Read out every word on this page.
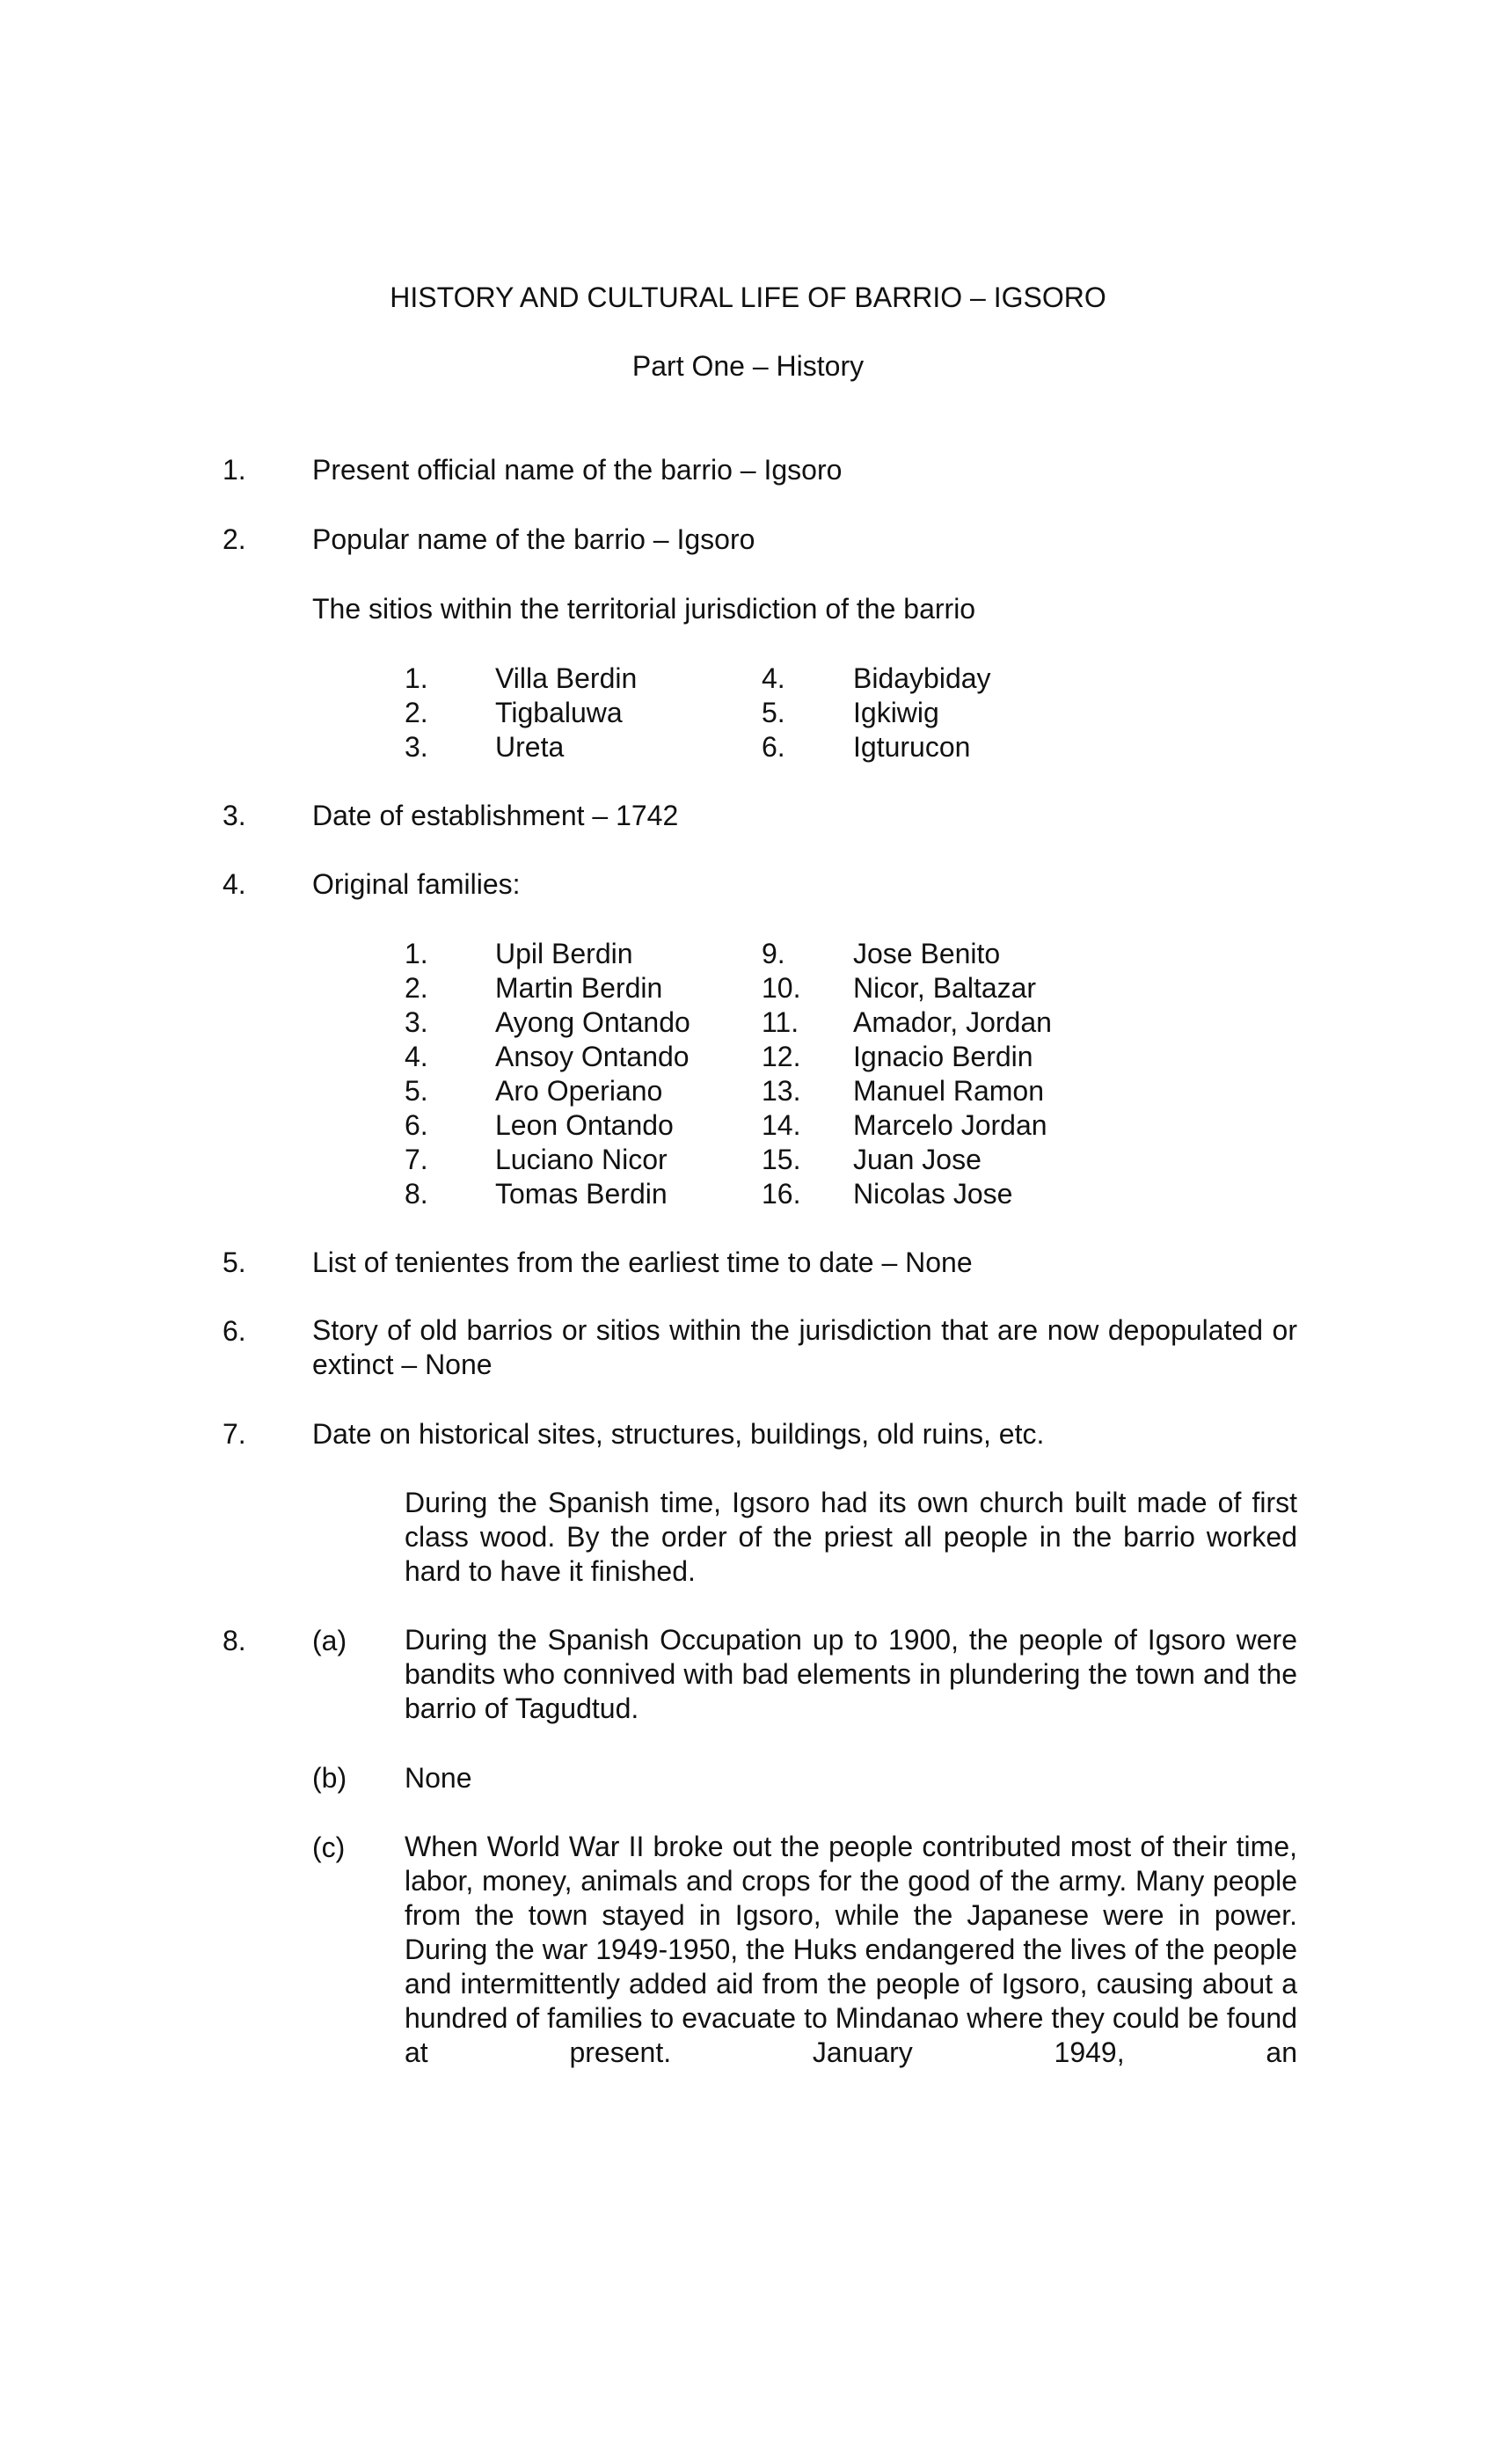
HISTORY AND CULTURAL LIFE OF BARRIO – IGSORO
Part One – History
1. Present official name of the barrio – Igsoro
2. Popular name of the barrio – Igsoro
The sitios within the territorial jurisdiction of the barrio
1. Villa Berdin
2. Tigbaluwa
3. Ureta
4. Bidaybiday
5. Igkiwig
6. Igturucon
3. Date of establishment – 1742
4. Original families:
1. Upil Berdin
2. Martin Berdin
3. Ayong Ontando
4. Ansoy Ontando
5. Aro Operiano
6. Leon Ontando
7. Luciano Nicor
8. Tomas Berdin
9. Jose Benito
10. Nicor, Baltazar
11. Amador, Jordan
12. Ignacio Berdin
13. Manuel Ramon
14. Marcelo Jordan
15. Juan Jose
16. Nicolas Jose
5. List of tenientes from the earliest time to date – None
6. Story of old barrios or sitios within the jurisdiction that are now depopulated or extinct – None
7. Date on historical sites, structures, buildings, old ruins, etc.
During the Spanish time, Igsoro had its own church built made of first class wood. By the order of the priest all people in the barrio worked hard to have it finished.
8. (a) During the Spanish Occupation up to 1900, the people of Igsoro were bandits who connived with bad elements in plundering the town and the barrio of Tagudtud.
(b) None
(c) When World War II broke out the people contributed most of their time, labor, money, animals and crops for the good of the army. Many people from the town stayed in Igsoro, while the Japanese were in power. During the war 1949-1950, the Huks endangered the lives of the people and intermittently added aid from the people of Igsoro, causing about a hundred of families to evacuate to Mindanao where they could be found at present. January 1949, an
